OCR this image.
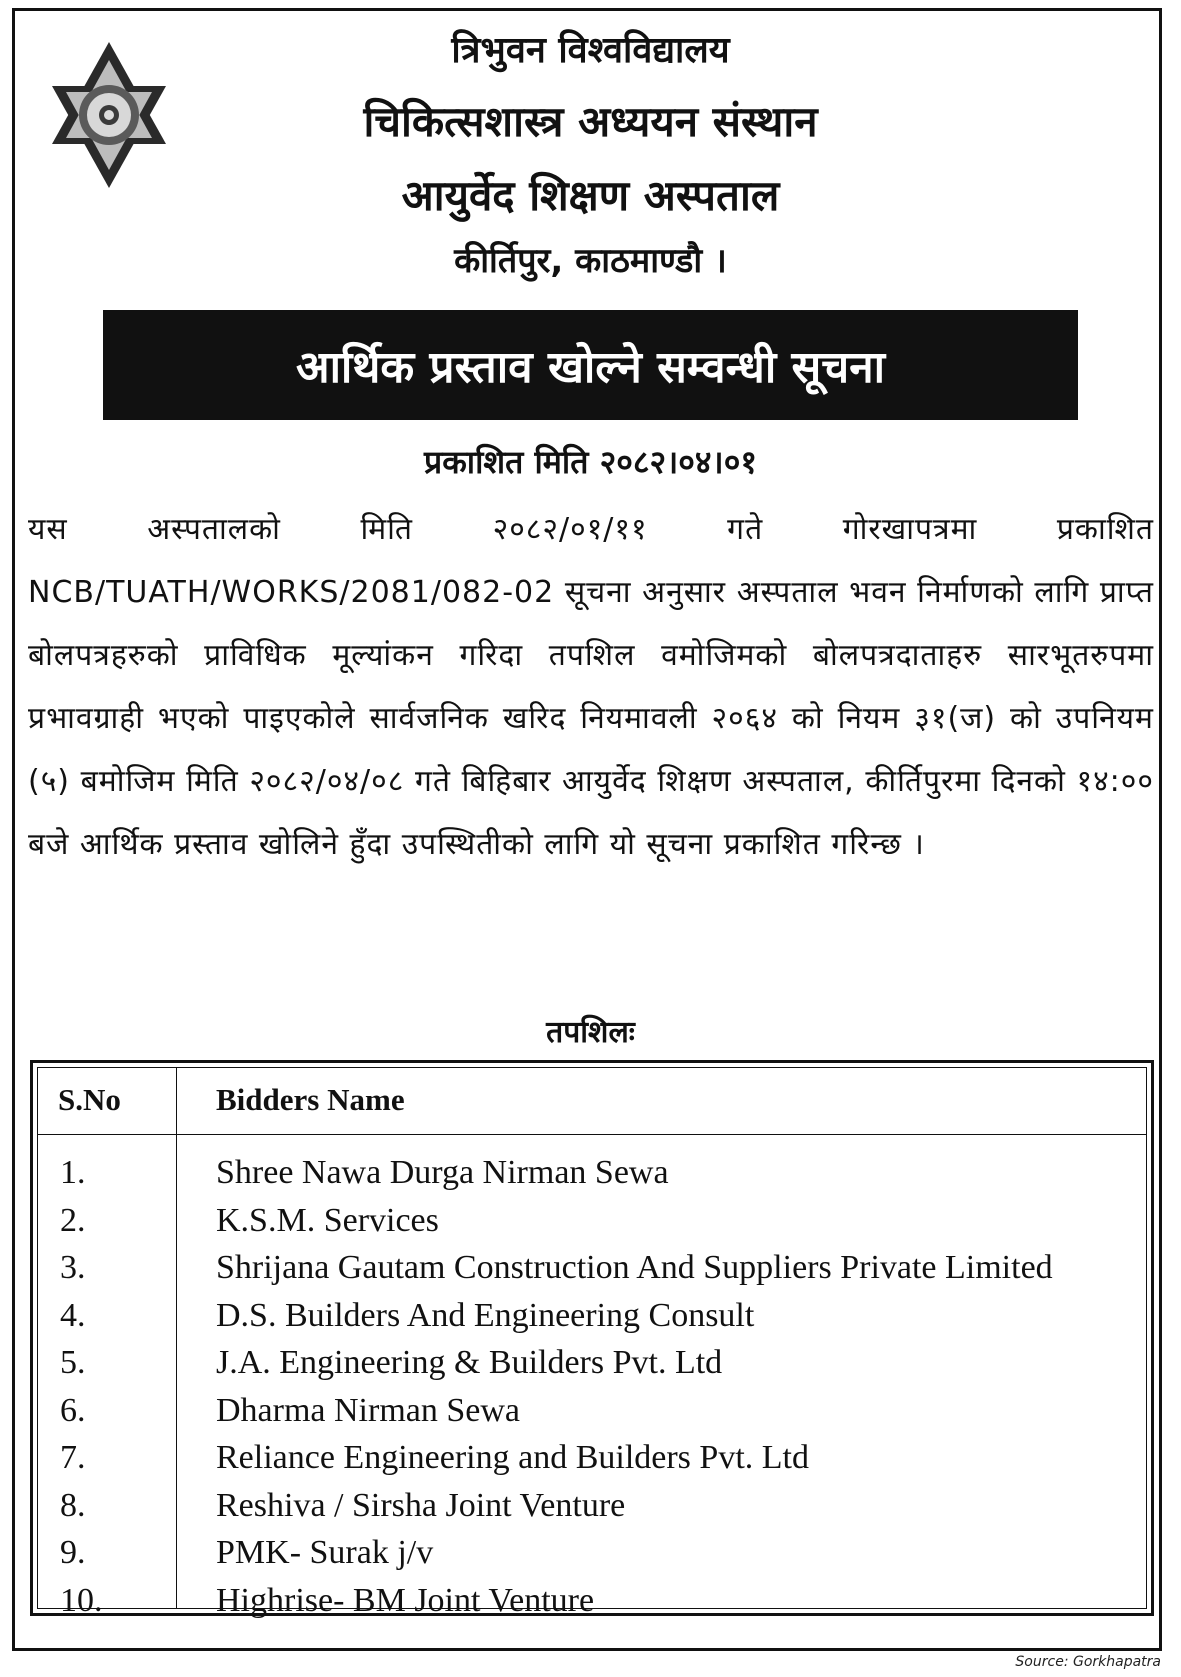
त्रिभुवन विश्वविद्यालय
चिकित्सशास्त्र अध्ययन संस्थान
आयुर्वेद शिक्षण अस्पताल
कीर्तिपुर, काठमाण्डौ ।
आर्थिक प्रस्ताव खोल्ने सम्वन्धी सूचना
प्रकाशित मिति २०८२।०४।०१
यस अस्पतालको मिति २०८२/०१/११ गते गोरखापत्रमा प्रकाशित NCB/TUATH/WORKS/2081/082-02 सूचना अनुसार अस्पताल भवन निर्माणको लागि प्राप्त बोलपत्रहरुको प्राविधिक मूल्यांकन गरिदा तपशिल वमोजिमको बोलपत्रदाताहरु सारभूतरुपमा प्रभावग्राही भएको पाइएकोले सार्वजनिक खरिद नियमावली २०६४ को नियम ३१(ज) को उपनियम (५) बमोजिम मिति २०८२/०४/०८ गते बिहिबार आयुर्वेद शिक्षण अस्पताल, कीर्तिपुरमा दिनको १४:०० बजे आर्थिक प्रस्ताव खोलिने हुँदा उपस्थितीको लागि यो सूचना प्रकाशित गरिन्छ ।
तपशिलः
S.No	Bidders Name
1.	Shree Nawa Durga Nirman Sewa
2.	K.S.M. Services
3.	Shrijana Gautam Construction And Suppliers Private Limited
4.	D.S. Builders And Engineering Consult
5.	J.A. Engineering & Builders Pvt. Ltd
6.	Dharma Nirman Sewa
7.	Reliance Engineering and Builders Pvt. Ltd
8.	Reshiva / Sirsha Joint Venture
9.	PMK- Surak j/v
10.	Highrise- BM Joint Venture
Source: Gorkhapatra
